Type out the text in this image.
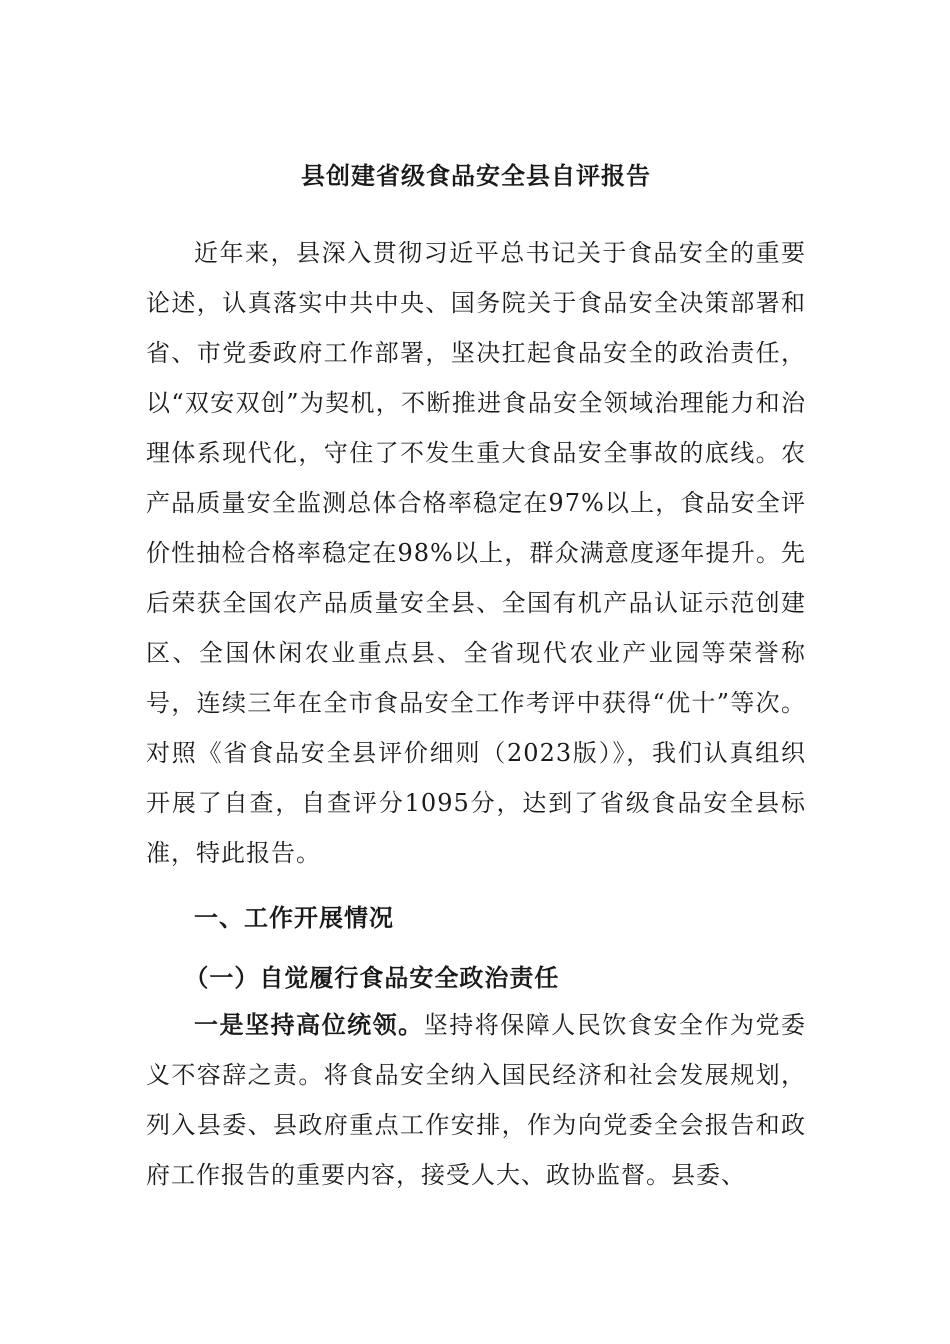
县创建省级食品安全县自评报告

近年来，县深入贯彻习近平总书记关于食品安全的重要论述，认真落实中共中央、国务院关于食品安全决策部署和省、市党委政府工作部署，坚决扛起食品安全的政治责任，以“双安双创”为契机，不断推进食品安全领域治理能力和治理体系现代化，守住了不发生重大食品安全事故的底线。农产品质量安全监测总体合格率稳定在97%以上，食品安全评价性抽检合格率稳定在98%以上，群众满意度逐年提升。先后荣获全国农产品质量安全县、全国有机产品认证示范创建区、全国休闲农业重点县、全省现代农业产业园等荣誉称号，连续三年在全市食品安全工作考评中获得“优十”等次。对照《省食品安全县评价细则（2023版）》，我们认真组织开展了自查，自查评分1095分，达到了省级食品安全县标准，特此报告。

一、工作开展情况
（一）自觉履行食品安全政治责任

一是坚持高位统领。坚持将保障人民饮食安全作为党委义不容辞之责。将食品安全纳入国民经济和社会发展规划，列入县委、县政府重点工作安排，作为向党委全会报告和政府工作报告的重要内容，接受人大、政协监督。县委、
